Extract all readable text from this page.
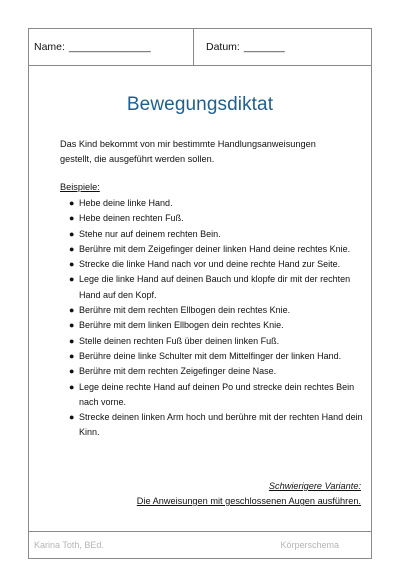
Name: ______________	Datum: _______
Bewegungsdiktat
Das Kind bekommt von mir bestimmte Handlungsanweisungen
gestellt, die ausgeführt werden sollen.
Beispiele:
● Hebe deine linke Hand.
● Hebe deinen rechten Fuß.
● Stehe nur auf deinem rechten Bein.
● Berühre mit dem Zeigefinger deiner linken Hand deine rechtes Knie.
● Strecke die linke Hand nach vor und deine rechte Hand zur Seite.
● Lege die linke Hand auf deinen Bauch und klopfe dir mit der rechten Hand auf den Kopf.
● Berühre mit dem rechten Ellbogen dein rechtes Knie.
● Berühre mit dem linken Ellbogen dein rechtes Knie.
● Stelle deinen rechten Fuß über deinen linken Fuß.
● Berühre deine linke Schulter mit dem Mittelfinger der linken Hand.
● Berühre mit dem rechten Zeigefinger deine Nase.
● Lege deine rechte Hand auf deinen Po und strecke dein rechtes Bein nach vorne.
● Strecke deinen linken Arm hoch und berühre mit der rechten Hand dein Kinn.
Schwierigere Variante:
Die Anweisungen mit geschlossenen Augen ausführen.
Karina Toth, BEd.	Körperschema
